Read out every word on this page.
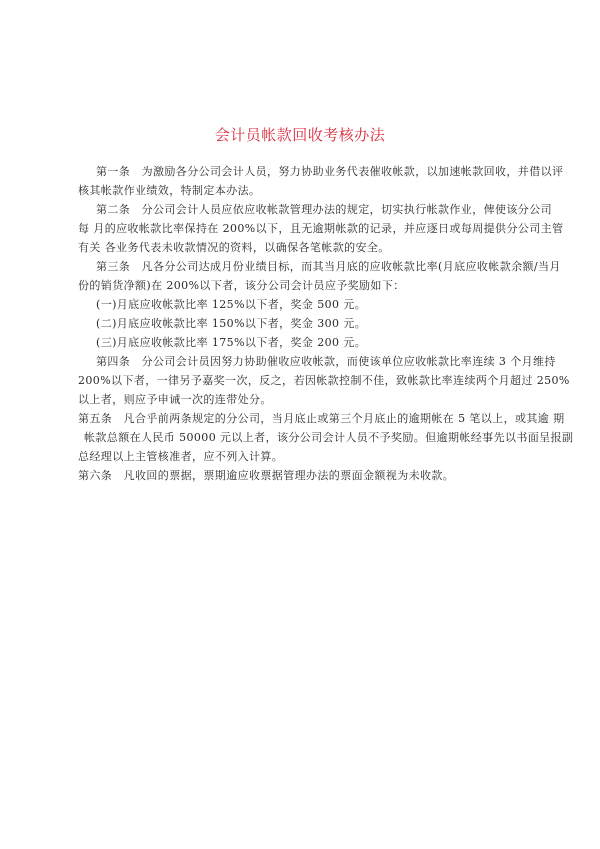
会计员帐款回收考核办法
第一条　为激励各分公司会计人员，努力协助业务代表催收帐款，以加速帐款回收，并借以评
核其帐款作业绩效，特制定本办法。
第二条　分公司会计人员应依应收帐款管理办法的规定，切实执行帐款作业，俾使该分公司
每 月的应收帐款比率保持在 200%以下，且无逾期帐款的记录，并应逐日或每周提供分公司主管
有关 各业务代表未收款情况的资料，以确保各笔帐款的安全。
第三条　凡各分公司达成月份业绩目标，而其当月底的应收帐款比率(月底应收帐款余额/当月
份的销货净额)在 200%以下者，该分公司会计员应予奖励如下：
(一)月底应收帐款比率 125%以下者，奖金 500 元。
(二)月底应收帐款比率 150%以下者，奖金 300 元。
(三)月底应收帐款比率 175%以下者，奖金 200 元。
第四条　分公司会计员因努力协助催收应收帐款，而使该单位应收帐款比率连续 3 个月维持
200%以下者，一律另予嘉奖一次，反之，若因帐款控制不佳，致帐款比率连续两个月超过 250%
以上者，则应予申诫一次的连带处分。
第五条　凡合乎前两条规定的分公司，当月底止或第三个月底止的逾期帐在 5 笔以上，或其逾 期
帐款总额在人民币 50000 元以上者，该分公司会计人员不予奖励。但逾期帐经事先以书面呈报副
总经理以上主管核准者，应不列入计算。
第六条　凡收回的票据，票期逾应收票据管理办法的票面金额视为未收款。
